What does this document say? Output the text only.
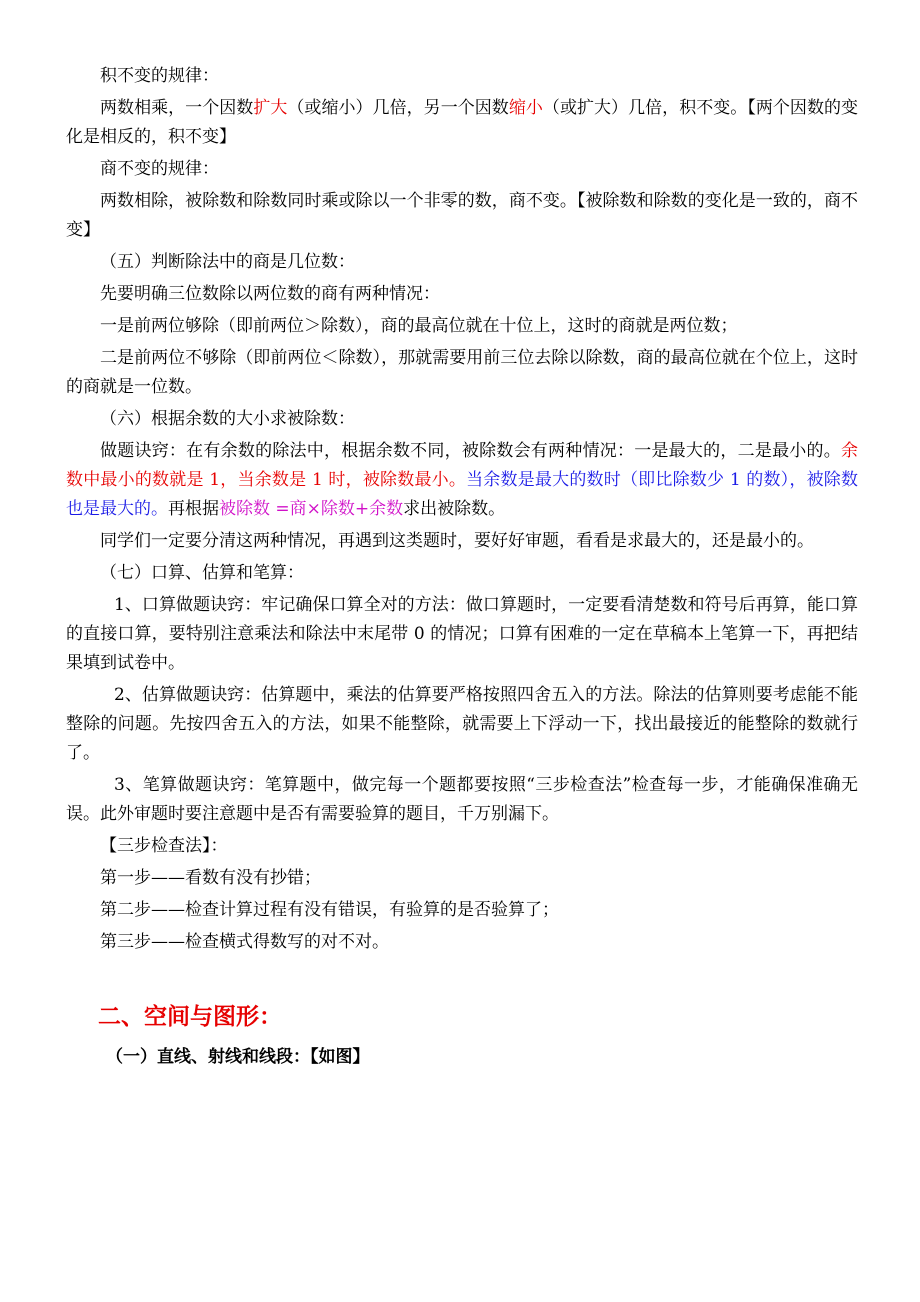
积不变的规律：

两数相乘，一个因数扩大（或缩小）几倍，另一个因数缩小（或扩大）几倍，积不变。【两个因数的变化是相反的，积不变】

商不变的规律：

两数相除，被除数和除数同时乘或除以一个非零的数，商不变。【被除数和除数的变化是一致的，商不变】

（五）判断除法中的商是几位数：

先要明确三位数除以两位数的商有两种情况：

一是前两位够除（即前两位＞除数），商的最高位就在十位上，这时的商就是两位数；

二是前两位不够除（即前两位＜除数），那就需要用前三位去除以除数，商的最高位就在个位上，这时的商就是一位数。

（六）根据余数的大小求被除数：

做题诀窍：在有余数的除法中，根据余数不同，被除数会有两种情况：一是最大的，二是最小的。余数中最小的数就是 1，当余数是 1 时，被除数最小。当余数是最大的数时（即比除数少 1 的数），被除数也是最大的。再根据被除数 =商×除数+余数求出被除数。

同学们一定要分清这两种情况，再遇到这类题时，要好好审题，看看是求最大的，还是最小的。

（七）口算、估算和笔算：

1、口算做题诀窍：牢记确保口算全对的方法：做口算题时，一定要看清楚数和符号后再算，能口算的直接口算，要特别注意乘法和除法中末尾带 0 的情况；口算有困难的一定在草稿本上笔算一下，再把结果填到试卷中。

2、估算做题诀窍：估算题中，乘法的估算要严格按照四舍五入的方法。除法的估算则要考虑能不能整除的问题。先按四舍五入的方法，如果不能整除，就需要上下浮动一下，找出最接近的能整除的数就行了。

3、笔算做题诀窍：笔算题中，做完每一个题都要按照“三步检查法”检查每一步，才能确保准确无误。此外审题时要注意题中是否有需要验算的题目，千万别漏下。

【三步检查法】：

第一步——看数有没有抄错；

第二步——检查计算过程有没有错误，有验算的是否验算了；

第三步——检查横式得数写的对不对。

二、空间与图形：

（一）直线、射线和线段：【如图】
